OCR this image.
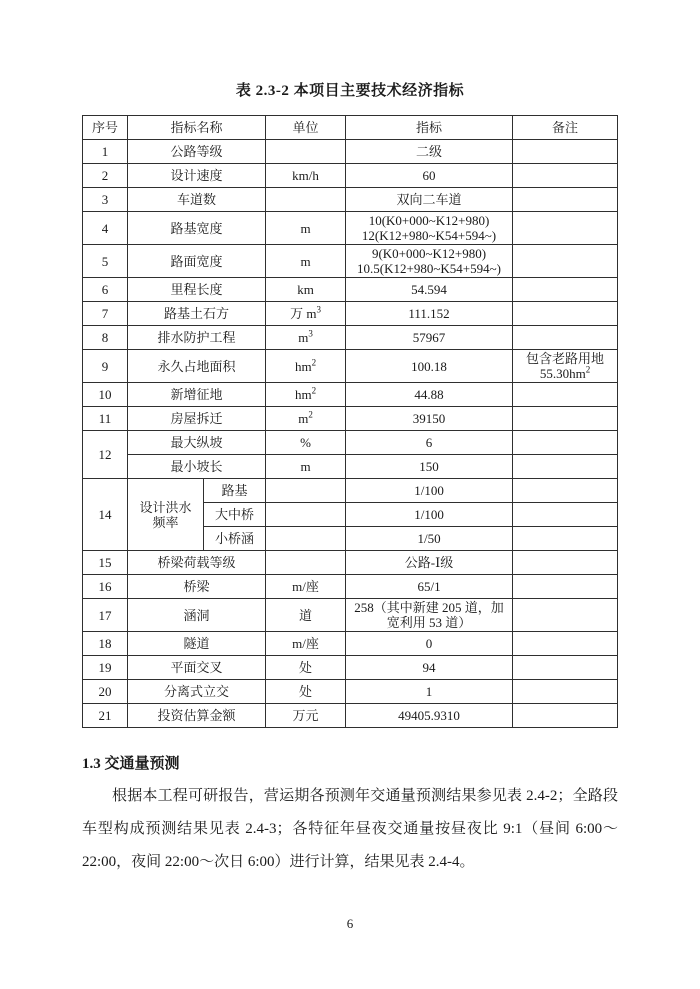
表 2.3-2 本项目主要技术经济指标
序号	指标名称		单位	指标	备注
1	公路等级			二级	
2	设计速度		km/h	60	
3	车道数			双向二车道	
4	路基宽度		m	10(K0+000~K12+980)
12(K12+980~K54+594~)	

5	路面宽度		m	9(K0+000~K12+980)
10.5(K12+980~K54+594~)	

6	里程长度		km	54.594	
7	路基土石方		万 $m^3$	111.152	
8	排水防护工程		$m^3$	57967	
9	永久占地面积		$hm^2$	100.18	包含老路用地
$55.30hm^2$

10	新增征地		$hm^2$	44.88	
11	房屋拆迁		$m^2$	39150	
12	最大纵坡		%	6	
	最小坡长		m	150	
14	设计洪水频率	路基		1/100	
		大中桥		1/100	
		小桥涵		1/50	
15	桥梁荷载等级			公路-Ⅰ级	
16	桥梁		m/座	65/1	
17	涵洞		道	258（其中新建 205 道，加宽利用 53 道）	
18	隧道		m/座	0	
19	平面交叉		处	94	
20	分离式立交		处	1	
21	投资估算金额		万元	49405.9310	
1.3 交通量预测
根据本工程可研报告，营运期各预测年交通量预测结果参见表 2.4-2；全路段车型构成预测结果见表 2.4-3；各特征年昼夜交通量按昼夜比 9:1（昼间 6:00～22:00，夜间 22:00～次日 6:00）进行计算，结果见表 2.4-4。
6
